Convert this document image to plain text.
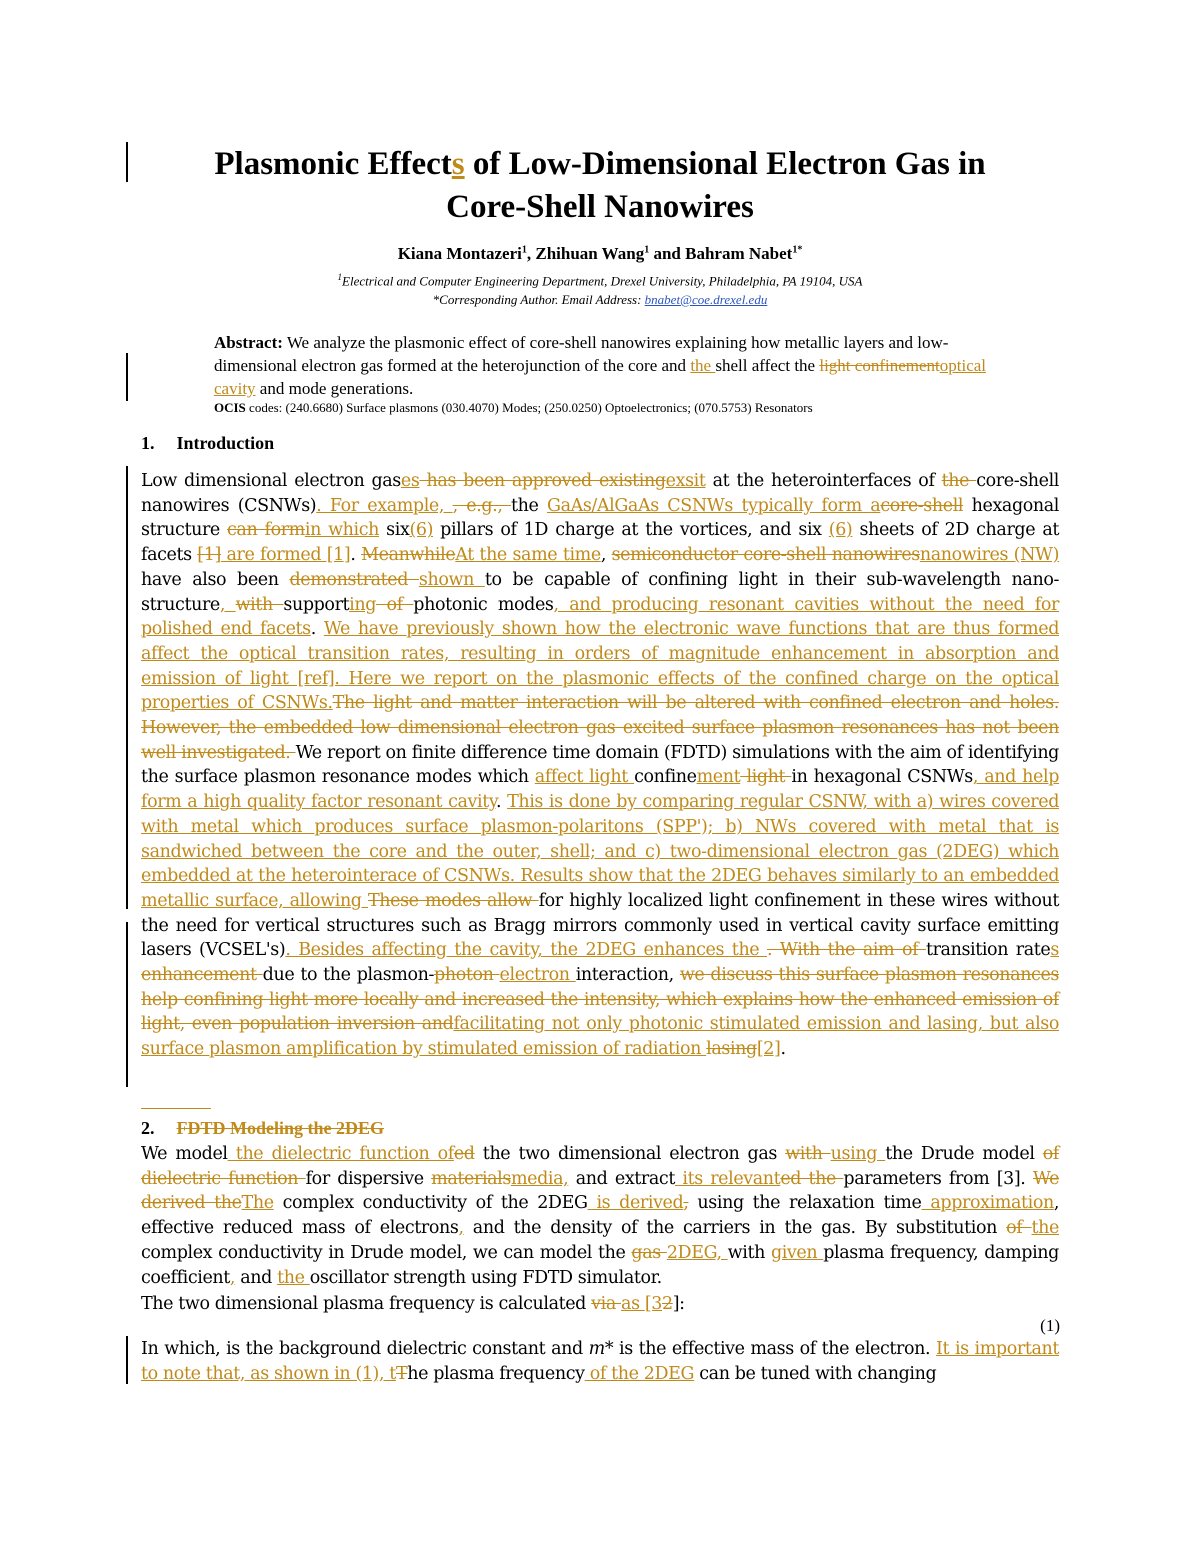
Plasmonic Effects of Low-Dimensional Electron Gas in
Core-Shell Nanowires
Kiana Montazeri$^1$, Zhihuan Wang$^1$ and Bahram Nabet$^{1*}$
$^1$Electrical and Computer Engineering Department, Drexel University, Philadelphia, PA 19104, USA
*Corresponding Author. Email Address: bnabet@coe.drexel.edu
Abstract: We analyze the plasmonic effect of core-shell nanowires explaining how metallic layers and low-dimensional electron gas formed at the heterojunction of the core and the shell affect the light confinementoptical cavity and mode generations.
OCIS codes: (240.6680) Surface plasmons (030.4070) Modes; (250.0250) Optoelectronics; (070.5753) Resonators
1. Introduction
Low dimensional electron gases has been approved existingexsit at the heterointerfaces of the core-shell nanowires (CSNWs). For example, , e.g., the GaAs/AlGaAs CSNWs typically form acore-shell hexagonal structure can formin which six(6) pillars of 1D charge at the vortices, and six (6) sheets of 2D charge at facets [1] are formed [1]. MeanwhileAt the same time, semiconductor core-shell nanowiresnanowires (NW) have also been demonstrated shown to be capable of confining light in their sub-wavelength nano-structure, with supporting of photonic modes, and producing resonant cavities without the need for polished end facets. We have previously shown how the electronic wave functions that are thus formed affect the optical transition rates, resulting in orders of magnitude enhancement in absorption and emission of light [ref]. Here we report on the plasmonic effects of the confined charge on the optical properties of CSNWs.The light and matter interaction will be altered with confined electron and holes. However, the embedded low dimensional electron gas excited surface plasmon resonances has not been well investigated. We report on finite difference time domain (FDTD) simulations with the aim of identifying the surface plasmon resonance modes which affect light confinement light in hexagonal CSNWs, and help form a high quality factor resonant cavity. This is done by comparing regular CSNW, with a) wires covered with metal which produces surface plasmon-polaritons (SPP'); b) NWs covered with metal that is sandwiched between the core and the outer, shell; and c) two-dimensional electron gas (2DEG) which embedded at the heterointerace of CSNWs. Results show that the 2DEG behaves similarly to an embedded metallic surface, allowing These modes allow for highly localized light confinement in these wires without the need for vertical structures such as Bragg mirrors commonly used in vertical cavity surface emitting lasers (VCSEL's). Besides affecting the cavity, the 2DEG enhances the . With the aim of transition rates enhancement due to the plasmon-photon electron interaction, we discuss this surface plasmon resonances help confining light more locally and increased the intensity, which explains how the enhanced emission of light, even population inversion andfacilitating not only photonic stimulated emission and lasing, but also surface plasmon amplification by stimulated emission of radiation lasing[2].
2. FDTD Modeling the 2DEG
We model the dielectric function ofed the two dimensional electron gas with using the Drude model of dielectric function for dispersive materialsmedia, and extract its relevanted the parameters from [3]. We derived theThe complex conductivity of the 2DEG is derived, using the relaxation time approximation, effective reduced mass of electrons, and the density of the carriers in the gas. By substitution of the complex conductivity in Drude model, we can model the gas 2DEG, with given plasma frequency, damping coefficient, and the oscillator strength using FDTD simulator.
The two dimensional plasma frequency is calculated via as [32]:
(1)
In which, is the background dielectric constant and m* is the effective mass of the electron. It is important to note that, as shown in (1), tThe plasma frequency of the 2DEG can be tuned with changing
